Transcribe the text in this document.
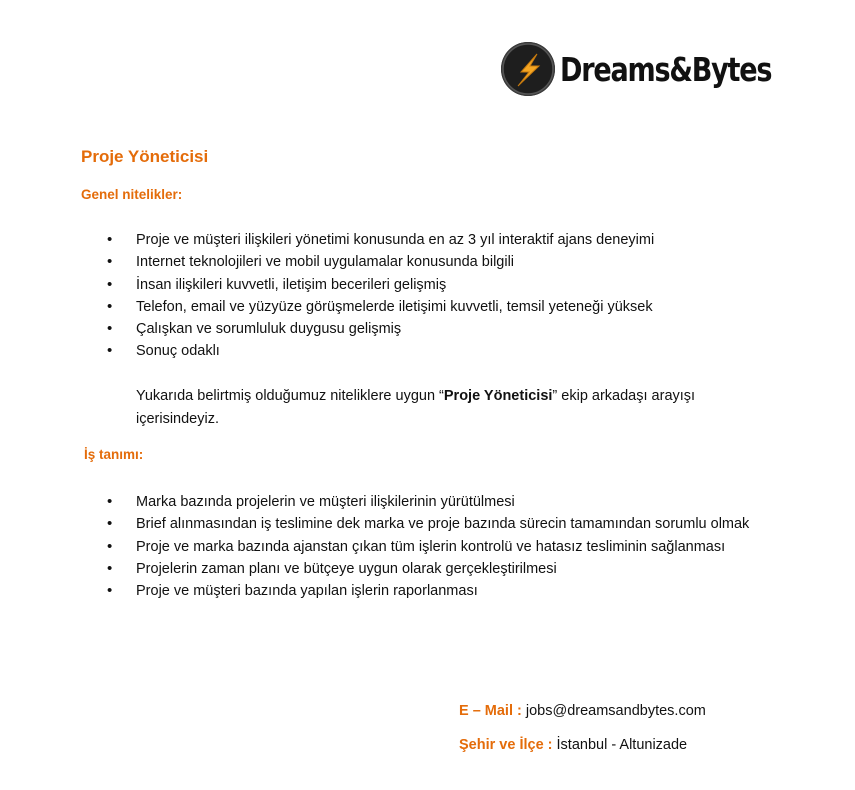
Dreams&Bytes
Proje Yöneticisi
Genel nitelikler:
• Proje ve müşteri ilişkileri yönetimi konusunda en az 3 yıl interaktif ajans deneyimi
• Internet teknolojileri ve mobil uygulamalar konusunda bilgili
• İnsan ilişkileri kuvvetli, iletişim becerileri gelişmiş
• Telefon, email ve yüzyüze görüşmelerde iletişimi kuvvetli, temsil yeteneği yüksek
• Çalışkan ve sorumluluk duygusu gelişmiş
• Sonuç odaklı
Yukarıda belirtmiş olduğumuz niteliklere uygun “Proje Yöneticisi” ekip arkadaşı arayışı içerisindeyiz.
İş tanımı:
• Marka bazında projelerin ve müşteri ilişkilerinin yürütülmesi
• Brief alınmasından iş teslimine dek marka ve proje bazında sürecin tamamından sorumlu olmak
• Proje ve marka bazında ajanstan çıkan tüm işlerin kontrolü ve hatasız tesliminin sağlanması
• Projelerin zaman planı ve bütçeye uygun olarak gerçekleştirilmesi
• Proje ve müşteri bazında yapılan işlerin raporlanması
E – Mail : jobs@dreamsandbytes.com
Şehir ve İlçe : İstanbul - Altunizade
